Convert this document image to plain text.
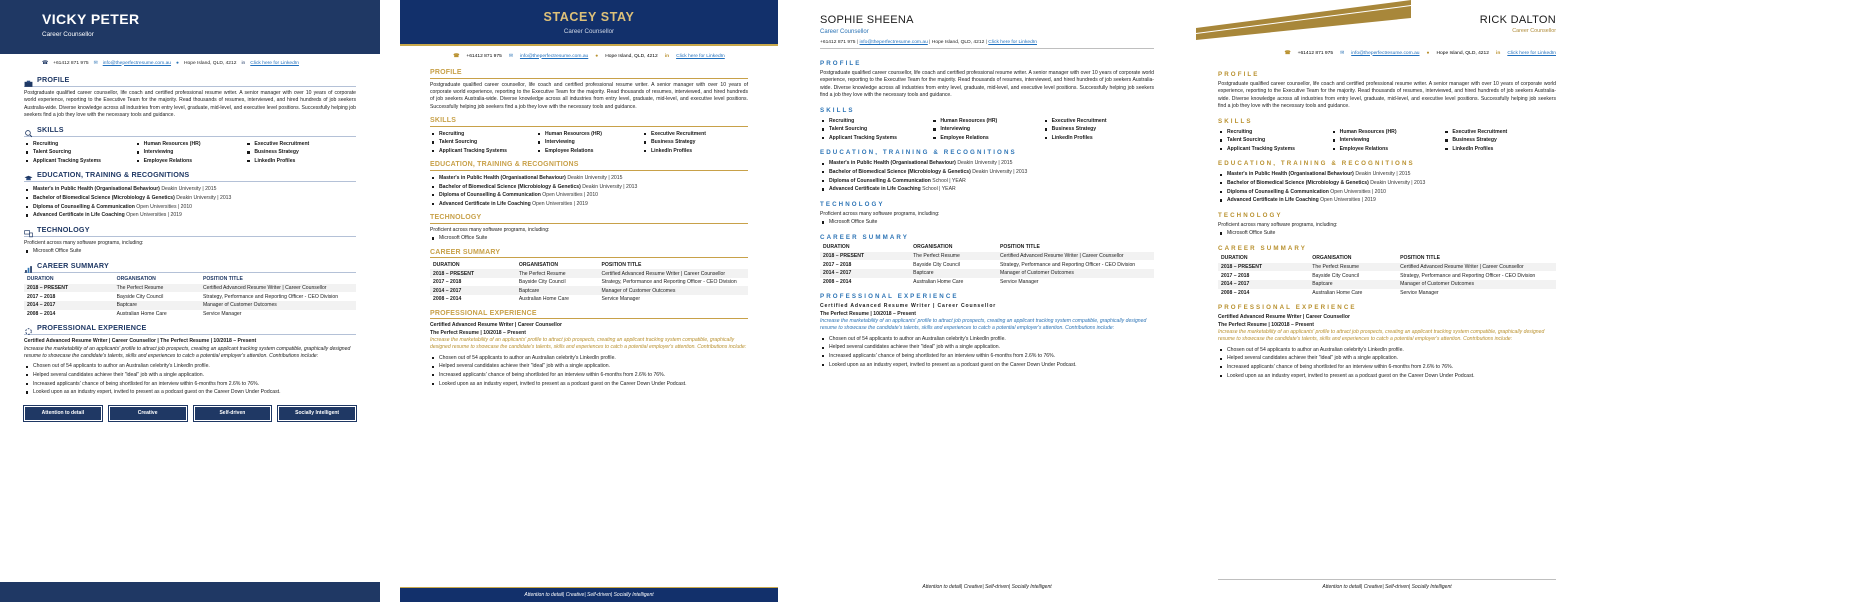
VICKY PETER
Career Counsellor
☎ +61412 871 975 ✉ info@theperfectresume.com.au ● Hope Island, QLD, 4212 in Click here for LinkedIn
PROFILE
Postgraduate qualified career counsellor, life coach and certified professional resume writer. A senior manager with over 10 years of corporate world experience, reporting to the Executive Team for the majority. Read thousands of resumes, interviewed, and hired hundreds of job seekers Australia-wide. Diverse knowledge across all industries from entry level, graduate, mid-level, and executive level positions. Successfully helping job seekers find a job they love with the necessary tools and guidance.
SKILLS
Recruiting	Human Resources (HR)	Executive Recruitment
Talent Sourcing	Interviewing	Business Strategy
Applicant Tracking Systems	Employee Relations	LinkedIn Profiles
EDUCATION, TRAINING & RECOGNITIONS
Master's in Public Health (Organisational Behaviour) Deakin University | 2015
Bachelor of Biomedical Science (Microbiology & Genetics) Deakin University | 2013
Diploma of Counselling & Communication Open Universities | 2010
Advanced Certificate in Life Coaching Open Universities | 2019
TECHNOLOGY
Proficient across many software programs, including:
Microsoft Office Suite
CAREER SUMMARY
DURATION	ORGANISATION	POSITION TITLE
2018 – PRESENT	The Perfect Resume	Certified Advanced Resume Writer | Career Counsellor
2017 – 2018	Bayside City Council	Strategy, Performance and Reporting Officer - CEO Division
2014 – 2017	Baptcare	Manager of Customer Outcomes
2008 – 2014	Australian Home Care	Service Manager
PROFESSIONAL EXPERIENCE
Certified Advanced Resume Writer | Career Counsellor | The Perfect Resume | 10/2018 – Present
Increase the marketability of an applicants' profile to attract job prospects, creating an applicant tracking system compatible, graphically designed resume to showcase the candidate's talents, skills and experiences to catch a potential employer's attention. Contributions include:
Chosen out of 54 applicants to author an Australian celebrity's LinkedIn profile.
Helped several candidates achieve their "ideal" job with a single application.
Increased applicants' chance of being shortlisted for an interview within 6-months from 2.6% to 76%.
Looked upon as an industry expert, invited to present as a podcast guest on the Career Down Under Podcast.
Attention to detail	Creative	Self-driven	Socially Intelligent
STACEY STAY
Career Counsellor
☎ +61412 871 975 ✉ info@theperfectresume.com.au ● Hope Island, QLD, 4212 in Click here for LinkedIn
PROFILE
Postgraduate qualified career counsellor, life coach and certified professional resume writer. A senior manager with over 10 years of corporate world experience, reporting to the Executive Team for the majority. Read thousands of resumes, interviewed, and hired hundreds of job seekers Australia-wide. Diverse knowledge across all industries from entry level, graduate, mid-level, and executive level positions. Successfully helping job seekers find a job they love with the necessary tools and guidance.
SKILLS
Recruiting	Human Resources (HR)	Executive Recruitment
Talent Sourcing	Interviewing	Business Strategy
Applicant Tracking Systems	Employee Relations	LinkedIn Profiles
EDUCATION, TRAINING & RECOGNITIONS
Master's in Public Health (Organisational Behaviour) Deakin University | 2015
Bachelor of Biomedical Science (Microbiology & Genetics) Deakin University | 2013
Diploma of Counselling & Communication Open Universities | 2010
Advanced Certificate in Life Coaching Open Universities | 2019
TECHNOLOGY
Proficient across many software programs, including:
Microsoft Office Suite
CAREER SUMMARY
DURATION	ORGANISATION	POSITION TITLE
2018 – PRESENT	The Perfect Resume	Certified Advanced Resume Writer | Career Counsellor
2017 – 2018	Bayside City Council	Strategy, Performance and Reporting Officer - CEO Division
2014 – 2017	Baptcare	Manager of Customer Outcomes
2008 – 2014	Australian Home Care	Service Manager
PROFESSIONAL EXPERIENCE
Certified Advanced Resume Writer | Career Counsellor
The Perfect Resume | 10/2018 – Present
Increase the marketability of an applicants' profile to attract job prospects, creating an applicant tracking system compatible, graphically designed resume to showcase the candidate's talents, skills and experiences to catch a potential employer's attention. Contributions include:
Chosen out of 54 applicants to author an Australian celebrity's LinkedIn profile.
Helped several candidates achieve their "ideal" job with a single application.
Increased applicants' chance of being shortlisted for an interview within 6-months from 2.6% to 76%.
Looked upon as an industry expert, invited to present as a podcast guest on the Career Down Under Podcast.
Attention to detail| Creative| Self-driven| Socially Intelligent
SOPHIE SHEENA
Career Counsellor
+61412 871 975 | info@theperfectresume.com.au | Hope Island, QLD, 4212 | Click here for LinkedIn
PROFILE
Postgraduate qualified career counsellor, life coach and certified professional resume writer. A senior manager with over 10 years of corporate world experience, reporting to the Executive Team for the majority. Read thousands of resumes, interviewed, and hired hundreds of job seekers Australia-wide. Diverse knowledge across all industries from entry level, graduate, mid-level, and executive level positions. Successfully helping job seekers find a job they love with the necessary tools and guidance.
SKILLS
Recruiting	Human Resources (HR)	Executive Recruitment
Talent Sourcing	Interviewing	Business Strategy
Applicant Tracking Systems	Employee Relations	LinkedIn Profiles
EDUCATION, TRAINING & RECOGNITIONS
Master's in Public Health (Organisational Behaviour) Deakin University | 2015
Bachelor of Biomedical Science (Microbiology & Genetics) Deakin University | 2013
Diploma of Counselling & Communication School | YEAR
Advanced Certificate in Life Coaching School | YEAR
TECHNOLOGY
Proficient across many software programs, including:
Microsoft Office Suite
CAREER SUMMARY
DURATION	ORGANISATION	POSITION TITLE
2018 – PRESENT	The Perfect Resume	Certified Advanced Resume Writer | Career Counsellor
2017 – 2018	Bayside City Council	Strategy, Performance and Reporting Officer - CEO Division
2014 – 2017	Baptcare	Manager of Customer Outcomes
2008 – 2014	Australian Home Care	Service Manager
PROFESSIONAL EXPERIENCE
Certified Advanced Resume Writer | Career Counsellor
The Perfect Resume | 10/2018 – Present
Increase the marketability of an applicants' profile to attract job prospects, creating an applicant tracking system compatible, graphically designed resume to showcase the candidate's talents, skills and experiences to catch a potential employer's attention. Contributions include:
Chosen out of 54 applicants to author an Australian celebrity's LinkedIn profile.
Helped several candidates achieve their "ideal" job with a single application.
Increased applicants' chance of being shortlisted for an interview within 6-months from 2.6% to 76%.
Looked upon as an industry expert, invited to present as a podcast guest on the Career Down Under Podcast.
Attention to detail| Creative| Self-driven| Socially Intelligent
RICK DALTON
Career Counsellor
☎ +61412 871 975 ✉ info@theperfectresume.com.au ● Hope Island, QLD, 4212 in Click here for LinkedIn
PROFILE
Postgraduate qualified career counsellor, life coach and certified professional resume writer. A senior manager with over 10 years of corporate world experience, reporting to the Executive Team for the majority. Read thousands of resumes, interviewed, and hired hundreds of job seekers Australia-wide. Diverse knowledge across all industries from entry level, graduate, mid-level, and executive level positions. Successfully helping job seekers find a job they love with the necessary tools and guidance.
SKILLS
Recruiting	Human Resources (HR)	Executive Recruitment
Talent Sourcing	Interviewing	Business Strategy
Applicant Tracking Systems	Employee Relations	LinkedIn Profiles
EDUCATION, TRAINING & RECOGNITIONS
Master's in Public Health (Organisational Behaviour) Deakin University | 2015
Bachelor of Biomedical Science (Microbiology & Genetics) Deakin University | 2013
Diploma of Counselling & Communication Open Universities | 2010
Advanced Certificate in Life Coaching Open Universities | 2019
TECHNOLOGY
Proficient across many software programs, including:
Microsoft Office Suite
CAREER SUMMARY
DURATION	ORGANISATION	POSITION TITLE
2018 – PRESENT	The Perfect Resume	Certified Advanced Resume Writer | Career Counsellor
2017 – 2018	Bayside City Council	Strategy, Performance and Reporting Officer - CEO Division
2014 – 2017	Baptcare	Manager of Customer Outcomes
2008 – 2014	Australian Home Care	Service Manager
PROFESSIONAL EXPERIENCE
Certified Advanced Resume Writer | Career Counsellor
The Perfect Resume | 10/2018 – Present
Increase the marketability of an applicants' profile to attract job prospects, creating an applicant tracking system compatible, graphically designed resume to showcase the candidate's talents, skills and experiences to catch a potential employer's attention. Contributions include:
Chosen out of 54 applicants to author an Australian celebrity's LinkedIn profile.
Helped several candidates achieve their "ideal" job with a single application.
Increased applicants' chance of being shortlisted for an interview within 6-months from 2.6% to 76%.
Looked upon as an industry expert, invited to present as a podcast guest on the Career Down Under Podcast.
Attention to detail| Creative| Self-driven| Socially Intelligent
